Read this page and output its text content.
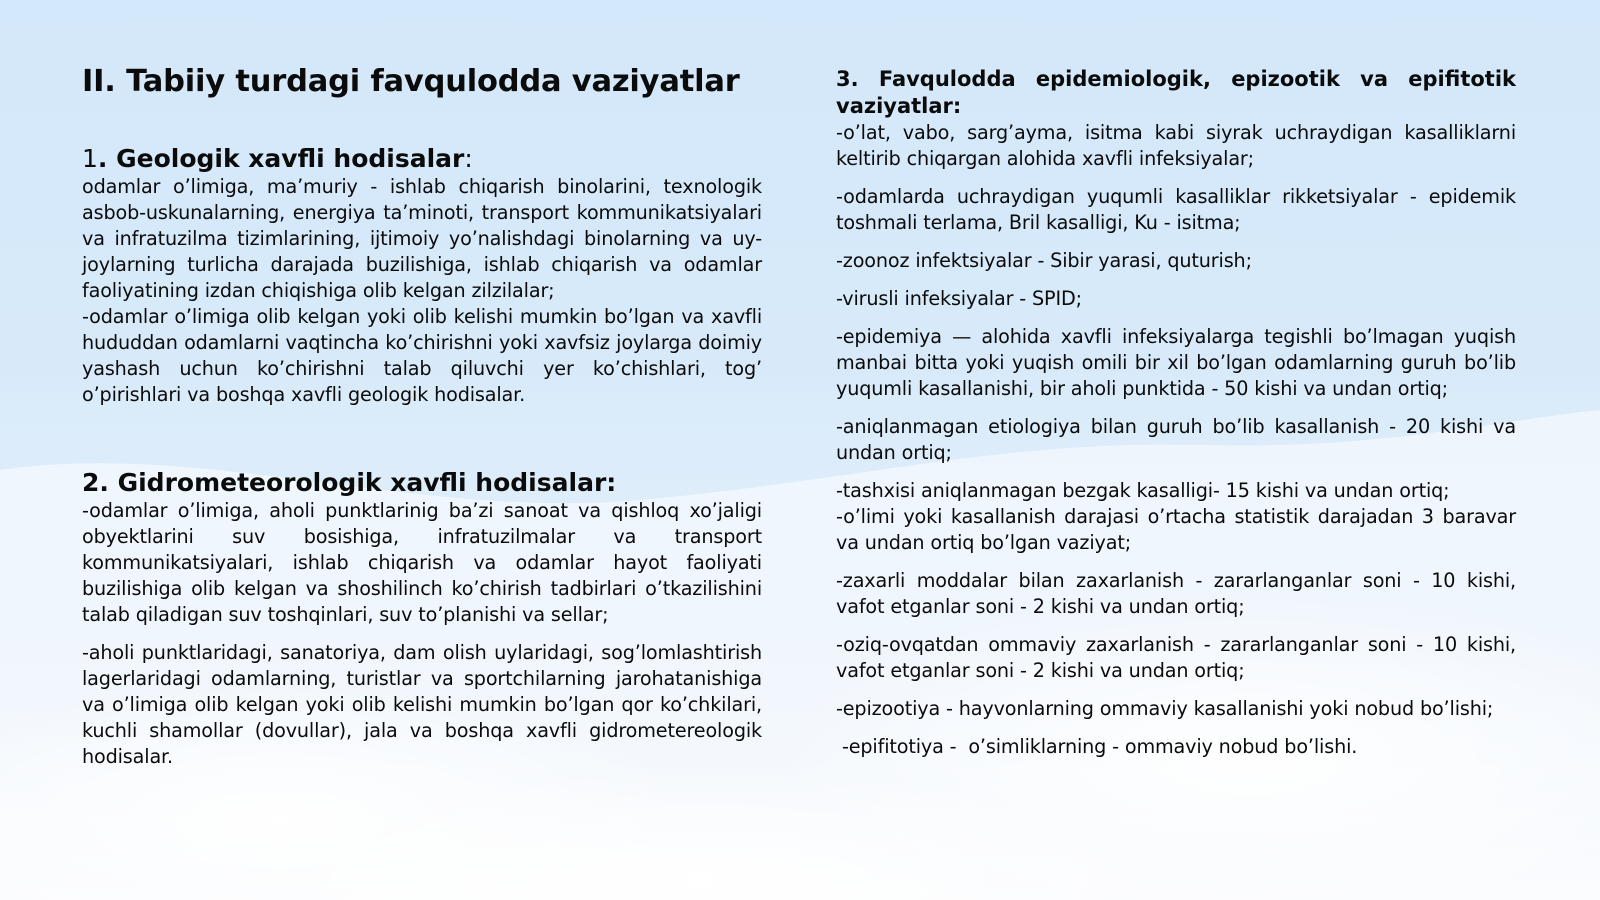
II. Tabiiy turdagi favqulodda vaziyatlar
1. Geologik xavfli hodisalar:

odamlar o’limiga, ma’muriy - ishlab chiqarish binolarini, texnologik asbob-uskunalarning, energiya ta’minoti, transport kommunikatsiyalari va infratuzilma tizimlarining, ijtimoiy yo’nalishdagi binolarning va uy-joylarning turlicha darajada buzilishiga, ishlab chiqarish va odamlar faoliyatining izdan chiqishiga olib kelgan zilzilalar;

-odamlar o’limiga olib kelgan yoki olib kelishi mumkin bo’lgan va xavfli hududdan odamlarni vaqtincha ko’chirishni yoki xavfsiz joylarga doimiy yashash uchun ko’chirishni talab qiluvchi yer ko’chishlari, tog’ o’pirishlari va boshqa xavfli geologik hodisalar.

2. Gidrometeorologik xavfli hodisalar:

-odamlar o’limiga, aholi punktlarinig ba’zi sanoat va qishloq xo’jaligi obyektlarini suv bosishiga, infratuzilmalar va transport kommunikatsiyalari, ishlab chiqarish va odamlar hayot faoliyati buzilishiga olib kelgan va shoshilinch ko’chirish tadbirlari o’tkazilishini talab qiladigan suv toshqinlari, suv to’planishi va sellar;

-aholi punktlaridagi, sanatoriya, dam olish uylaridagi, sog’lomlashtirish lagerlaridagi odamlarning, turistlar va sportchilarning jarohatanishiga va o’limiga olib kelgan yoki olib kelishi mumkin bo’lgan qor ko’chkilari, kuchli shamollar (dovullar), jala va boshqa xavfli gidrometereologik hodisalar.

3. Favqulodda epidemiologik, epizootik va epifitotik vaziyatlar:

-o’lat, vabo, sarg’ayma, isitma kabi siyrak uchraydigan kasalliklarni keltirib chiqargan alohida xavfli infeksiyalar;

-odamlarda uchraydigan yuqumli kasalliklar rikketsiyalar - epidemik toshmali terlama, Bril kasalligi, Ku - isitma;

-zoonoz infektsiyalar - Sibir yarasi, quturish;

-virusli infeksiyalar - SPID;

-epidemiya — alohida xavfli infeksiyalarga tegishli bo’lmagan yuqish manbai bitta yoki yuqish omili bir xil bo’lgan odamlarning guruh bo’lib yuqumli kasallanishi, bir aholi punktida - 50 kishi va undan ortiq;

-aniqlanmagan etiologiya bilan guruh bo’lib kasallanish - 20 kishi va undan ortiq;

-tashxisi aniqlanmagan bezgak kasalligi- 15 kishi va undan ortiq;

-o’limi yoki kasallanish darajasi o’rtacha statistik darajadan 3 baravar va undan ortiq bo’lgan vaziyat;

-zaxarli moddalar bilan zaxarlanish - zararlanganlar soni - 10 kishi, vafot etganlar soni - 2 kishi va undan ortiq;

-oziq-ovqatdan ommaviy zaxarlanish - zararlanganlar soni - 10 kishi, vafot etganlar soni - 2 kishi va undan ortiq;

-epizootiya - hayvonlarning ommaviy kasallanishi yoki nobud bo’lishi;

-epifitotiya -  o’simliklarning - ommaviy nobud bo’lishi.
